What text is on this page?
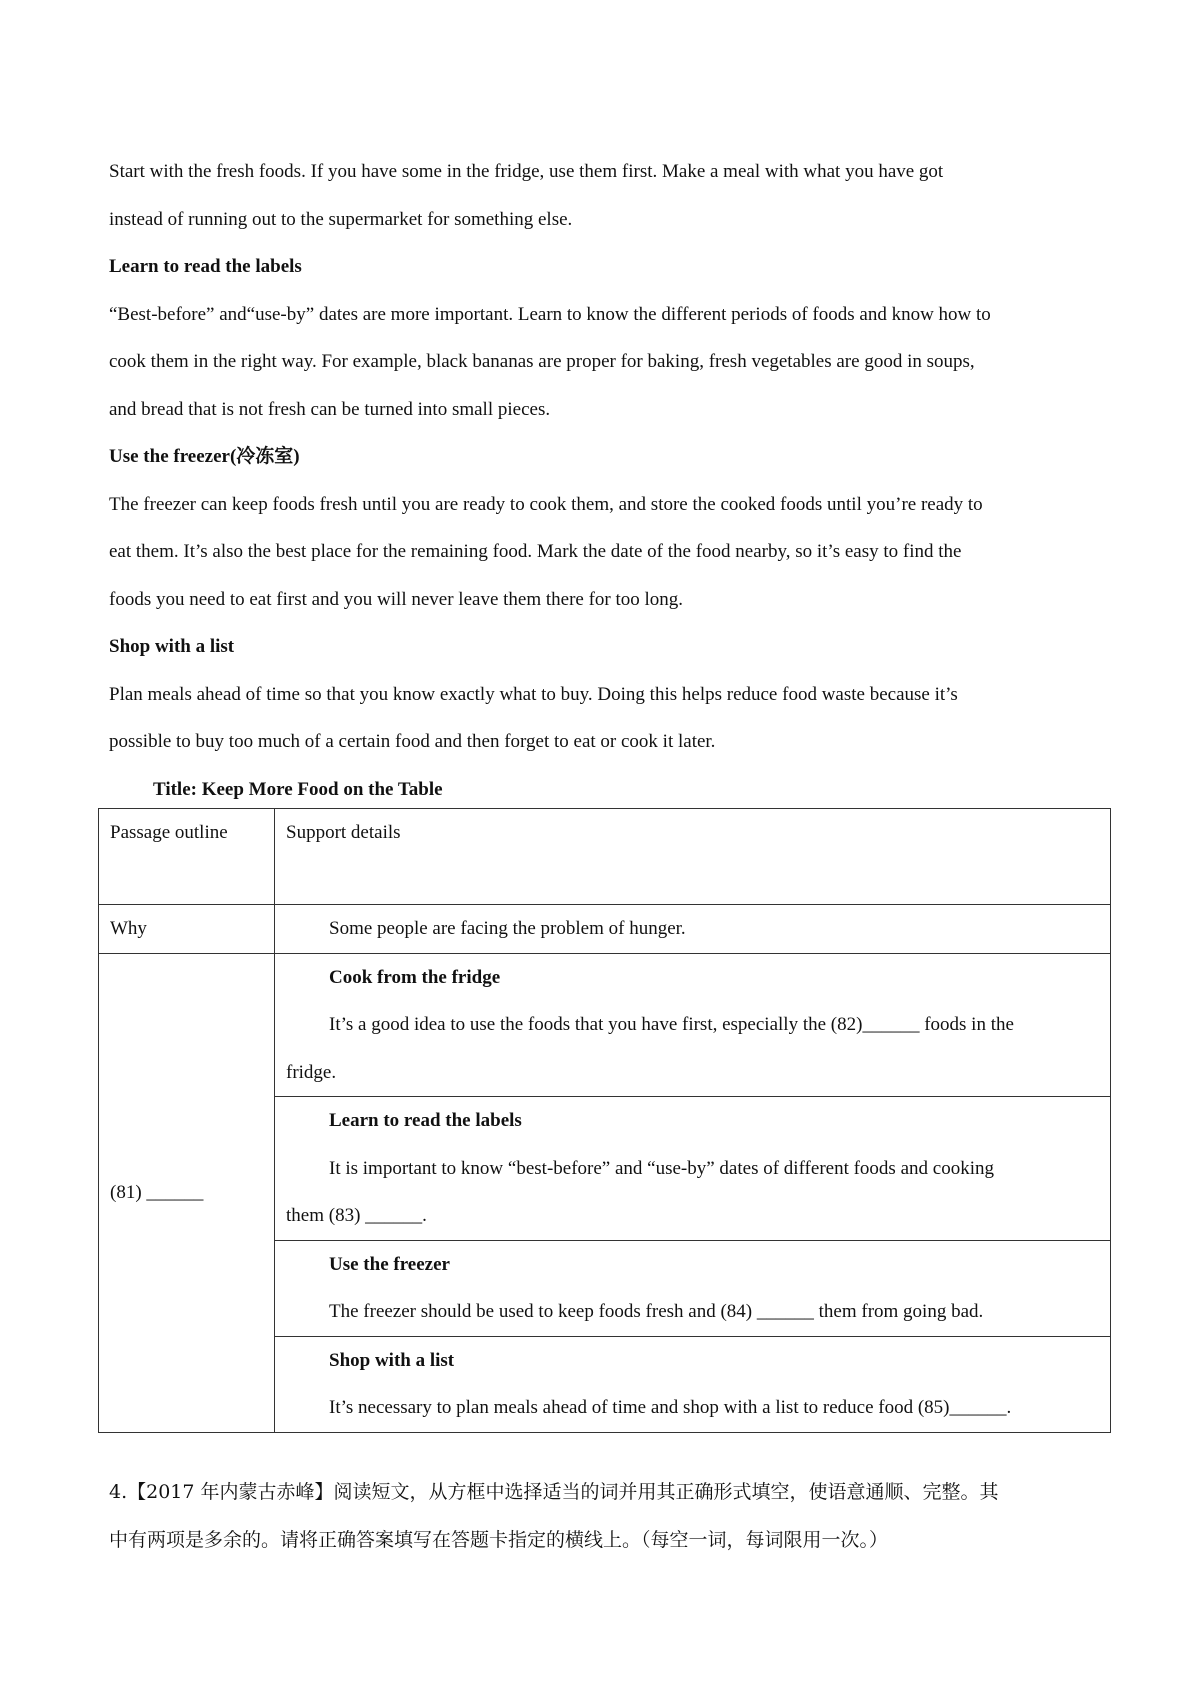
Start with the fresh foods. If you have some in the fridge, use them first. Make a meal with what you have got
instead of running out to the supermarket for something else.
Learn to read the labels
“Best-before” and“use-by” dates are more important. Learn to know the different periods of foods and know how to
cook them in the right way. For example, black bananas are proper for baking, fresh vegetables are good in soups,
and bread that is not fresh can be turned into small pieces.
Use the freezer(冷冻室)
The freezer can keep foods fresh until you are ready to cook them, and store the cooked foods until you’re ready to
eat them. It’s also the best place for the remaining food. Mark the date of the food nearby, so it’s easy to find the
foods you need to eat first and you will never leave them there for too long.
Shop with a list
Plan meals ahead of time so that you know exactly what to buy. Doing this helps reduce food waste because it’s
possible to buy too much of a certain food and then forget to eat or cook it later.
Title: Keep More Food on the Table
Passage outline	Support details

Why	Some people are facing the problem of hunger.

(81) ______	Cook from the fridge
It’s a good idea to use the foods that you have first, especially the (82)______ foods in the
fridge.

	Learn to read the labels
It is important to know “best-before” and “use-by” dates of different foods and cooking
them (83) ______.

	Use the freezer
The freezer should be used to keep foods fresh and (84) ______ them from going bad.

	Shop with a list
It’s necessary to plan meals ahead of time and shop with a list to reduce food (85)______.
4.【2017 年内蒙古赤峰】阅读短文，从方框中选择适当的词并用其正确形式填空，使语意通顺、完整。其
中有两项是多余的。请将正确答案填写在答题卡指定的横线上。（每空一词，每词限用一次。）
